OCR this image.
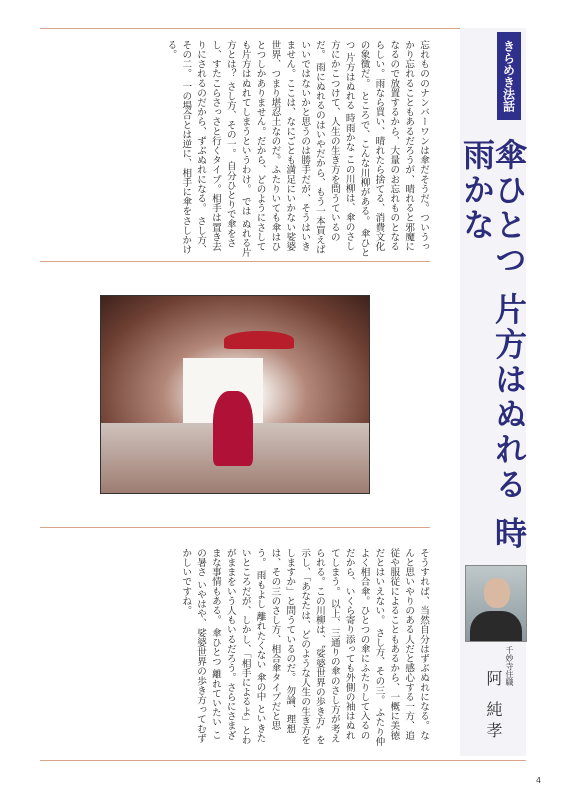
忘れもののナンバーワンは傘だそうだ。ついうっかり忘れることもあるだろうが、晴れると邪魔になるので放置するから、大量のお忘れものとなるらしい。雨なら買い、晴れたら捨てる、消費文化の象徴だ。 ところで、こんな川柳がある。 傘ひとつ 片方はぬれる 時雨かな この川柳は、傘のさし方にかこつけて、人生の生き方を問うているのだ。 雨にぬれるのはいやだから、もう一本買えばいいではないかと思うのは勝手だが、そうはいきません。ここは、なにごとも満足にいかない娑婆世界、つまり堪忍土なのだ。ふたりいても傘はひとつしかありません。だから、どのようにさしても片方はぬれてしまうというわけ。 では ぬれる片方とは？ さし方、その一。 自分ひとりで傘をさし、すたこらさっさと行くタイプ。相手は置き去りにされるのだから、ずぶぬれになる。 さし方、その二。 一の場合とは逆に、相手に傘をさしかける。
そうすれば、当然自分はずぶぬれになる。なんと思いやりのある人だと感心する一方、追従や服従によることもあるから、一概に美徳だとはいえない。 さし方、その三。 ふたり仲よく相合傘。ひとつの傘にふたりして入るのだから、いくら寄り添っても外側の袖はぬれてしまう。 以上、三通りの傘のさし方が考えられる。この川柳は、〝娑婆世界の歩き方〟を示し、「あなたは、どのような人生の生き方をしますか」と問うているのだ。 勿論、理想は、その三のさし方、相合傘タイプだと思う。 雨もよし 離れたくない 傘の中 といきたいところだが、しかし、「相手によるよ」とわがままをいう人もいるだろう。さらにさまざまな事情もある。 傘ひとつ 離れていたい この暑さ いやはや、娑婆世界の歩き方ってむずかしいですね。
きらめき法話
傘ひとつ 片方はぬれる 時雨かな
千妙寺住職
阿 純孝
4
